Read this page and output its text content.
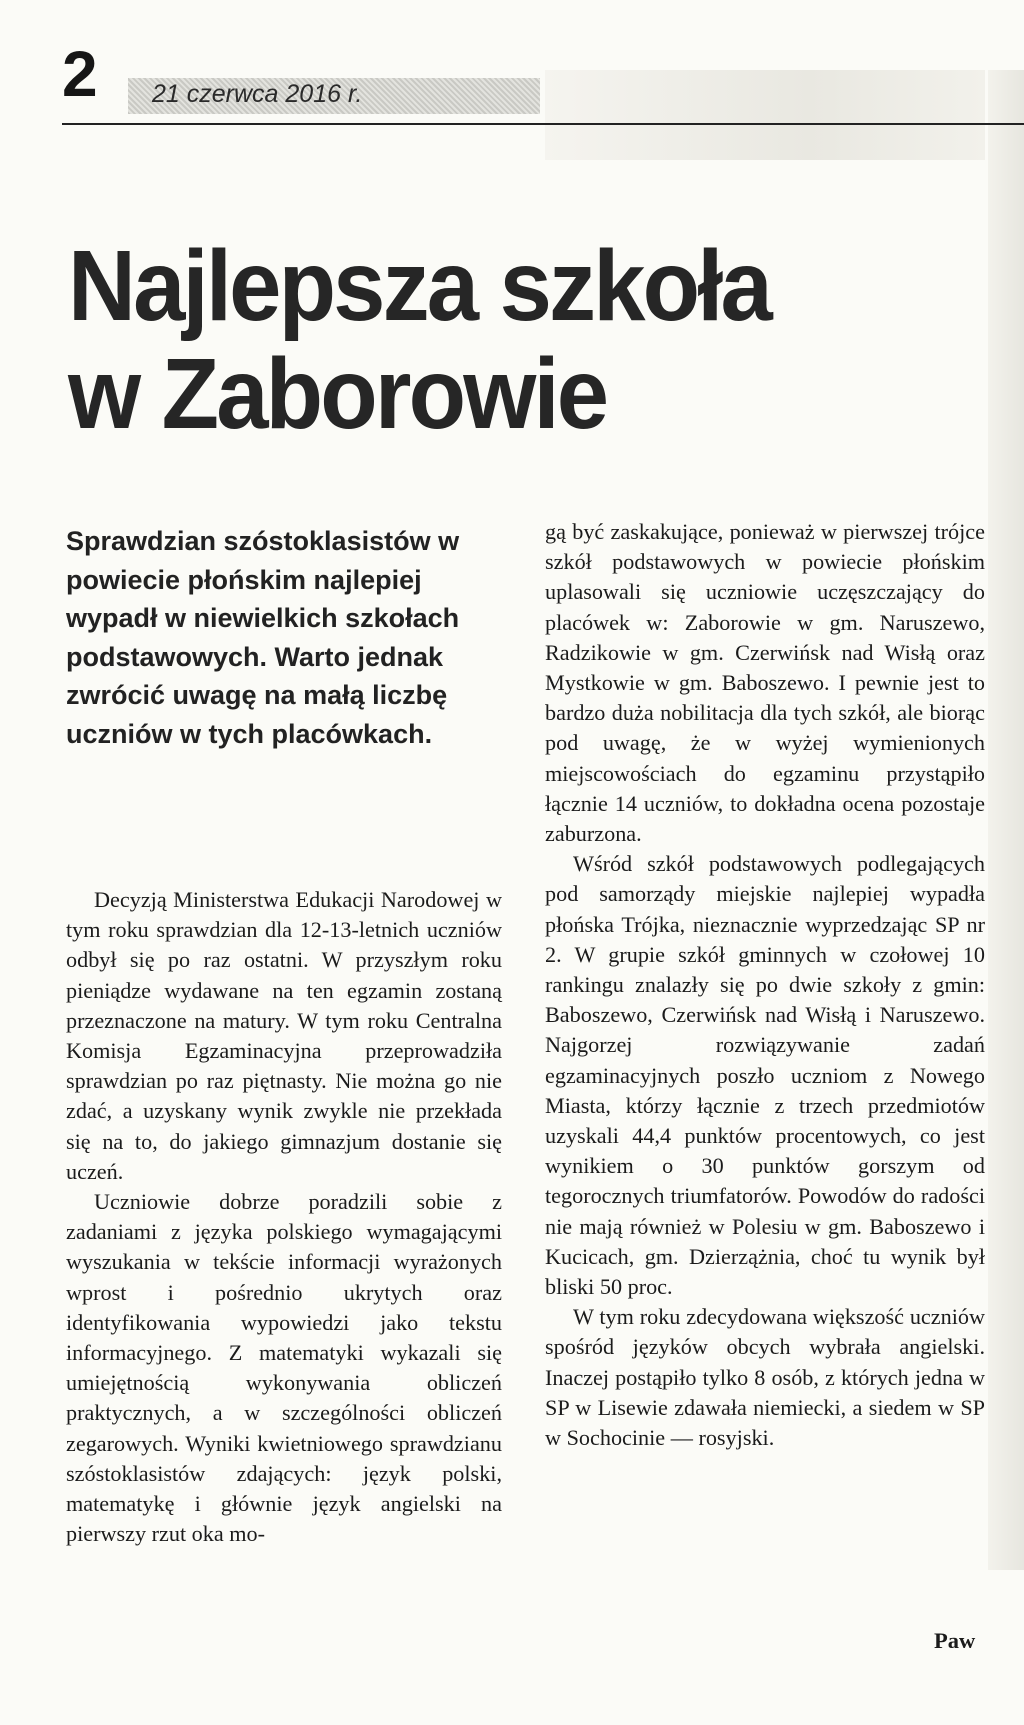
2 21 czerwca 2016 r.
Najlepsza szkoła
w Zaborowie

Sprawdzian szóstoklasistów w powiecie płońskim najlepiej wypadł w niewielkich szkołach podstawowych. Warto jednak zwrócić uwagę na małą liczbę uczniów w tych placówkach.

Decyzją Ministerstwa Edukacji Narodowej w tym roku sprawdzian dla 12-13-letnich uczniów odbył się po raz ostatni. W przyszłym roku pieniądze wydawane na ten egzamin zostaną przeznaczone na matury. W tym roku Centralna Komisja Egzaminacyjna przeprowadziła sprawdzian po raz piętnasty. Nie można go nie zdać, a uzyskany wynik zwykle nie przekłada się na to, do jakiego gimnazjum dostanie się uczeń.

Uczniowie dobrze poradzili sobie z zadaniami z języka polskiego wymagającymi wyszukania w tekście informacji wyrażonych wprost i pośrednio ukrytych oraz identyfikowania wypowiedzi jako tekstu informacyjnego. Z matematyki wykazali się umiejętnością wykonywania obliczeń praktycznych, a w szczególności obliczeń zegarowych. Wyniki kwietniowego sprawdzianu szóstoklasistów zdających: język polski, matematykę i głównie język angielski na pierwszy rzut oka mo-

gą być zaskakujące, ponieważ w pierwszej trójce szkół podstawowych w powiecie płońskim uplasowali się uczniowie uczęszczający do placówek w: Zaborowie w gm. Naruszewo, Radzikowie w gm. Czerwińsk nad Wisłą oraz Mystkowie w gm. Baboszewo. I pewnie jest to bardzo duża nobilitacja dla tych szkół, ale biorąc pod uwagę, że w wyżej wymienionych miejscowościach do egzaminu przystąpiło łącznie 14 uczniów, to dokładna ocena pozostaje zaburzona.

Wśród szkół podstawowych podlegających pod samorządy miejskie najlepiej wypadła płońska Trójka, nieznacznie wyprzedzając SP nr 2. W grupie szkół gminnych w czołowej 10 rankingu znalazły się po dwie szkoły z gmin: Baboszewo, Czerwińsk nad Wisłą i Naruszewo. Najgorzej rozwiązywanie zadań egzaminacyjnych poszło uczniom z Nowego Miasta, którzy łącznie z trzech przedmiotów uzyskali 44,4 punktów procentowych, co jest wynikiem o 30 punktów gorszym od tegorocznych triumfatorów. Powodów do radości nie mają również w Polesiu w gm. Baboszewo i Kucicach, gm. Dzierzążnia, choć tu wynik był bliski 50 proc.

W tym roku zdecydowana większość uczniów spośród języków obcych wybrała angielski. Inaczej postąpiło tylko 8 osób, z których jedna w SP w Lisewie zdawała niemiecki, a siedem w SP w Sochocinie — rosyjski.

Paw
